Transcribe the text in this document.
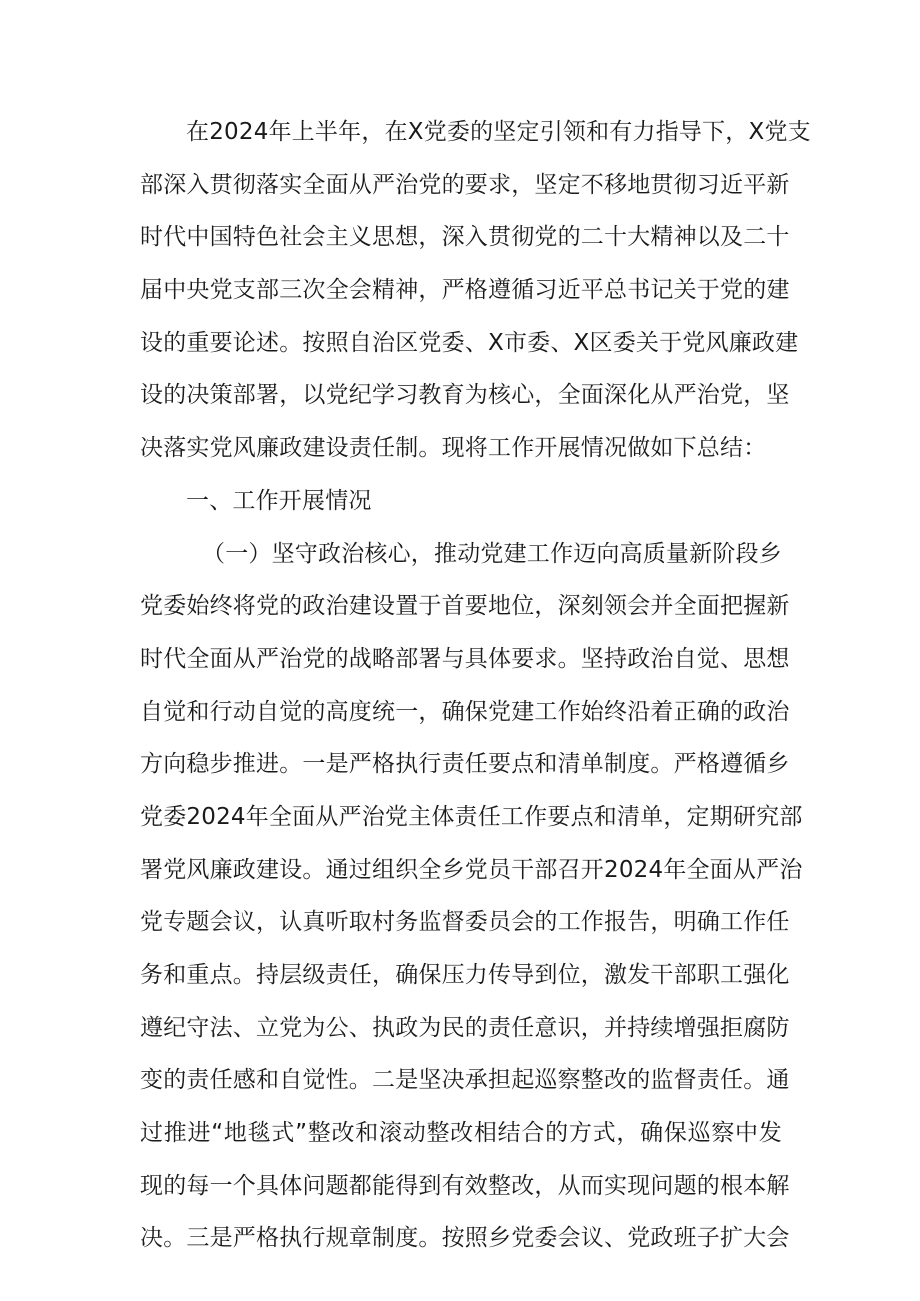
在2024年上半年，在X党委的坚定引领和有力指导下，X党支
部深入贯彻落实全面从严治党的要求，坚定不移地贯彻习近平新
时代中国特色社会主义思想，深入贯彻党的二十大精神以及二十
届中央党支部三次全会精神，严格遵循习近平总书记关于党的建
设的重要论述。按照自治区党委、X市委、X区委关于党风廉政建
设的决策部署，以党纪学习教育为核心，全面深化从严治党，坚
决落实党风廉政建设责任制。现将工作开展情况做如下总结：
一、工作开展情况
（一）坚守政治核心，推动党建工作迈向高质量新阶段乡
党委始终将党的政治建设置于首要地位，深刻领会并全面把握新
时代全面从严治党的战略部署与具体要求。坚持政治自觉、思想
自觉和行动自觉的高度统一，确保党建工作始终沿着正确的政治
方向稳步推进。一是严格执行责任要点和清单制度。严格遵循乡
党委2024年全面从严治党主体责任工作要点和清单，定期研究部
署党风廉政建设。通过组织全乡党员干部召开2024年全面从严治
党专题会议，认真听取村务监督委员会的工作报告，明确工作任
务和重点。持层级责任，确保压力传导到位，激发干部职工强化
遵纪守法、立党为公、执政为民的责任意识，并持续增强拒腐防
变的责任感和自觉性。二是坚决承担起巡察整改的监督责任。通
过推进“地毯式”整改和滚动整改相结合的方式，确保巡察中发
现的每一个具体问题都能得到有效整改，从而实现问题的根本解
决。三是严格执行规章制度。按照乡党委会议、党政班子扩大会
